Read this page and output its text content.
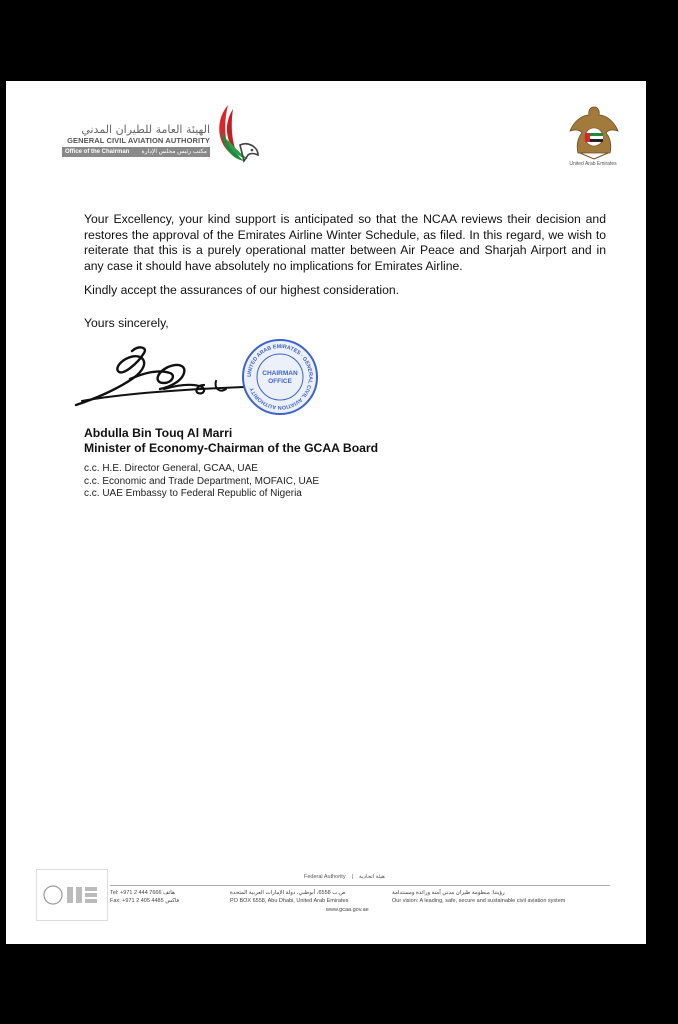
الهيئة العامة للطيران المدني
GENERAL CIVIL AVIATION AUTHORITY
Office of the Chairman مكتب رئيس مجلس الإدارة
United Arab Emirates

Your Excellency, your kind support is anticipated so that the NCAA reviews their decision and restores the approval of the Emirates Airline Winter Schedule, as filed. In this regard, we wish to reiterate that this is a purely operational matter between Air Peace and Sharjah Airport and in any case it should have absolutely no implications for Emirates Airline.

Kindly accept the assurances of our highest consideration.

Yours sincerely,

UNITED ARAB EMIRATES · GENERAL CIVIL AVIATION AUTHORITY
CHAIRMAN
OFFICE

Abdulla Bin Touq Al Marri

Minister of Economy-Chairman of the GCAA Board

c.c. H.E. Director General, GCAA, UAE
c.c. Economic and Trade Department, MOFAIC, UAE
c.c. UAE Embassy to Federal Republic of Nigeria
Federal Authority | هيئة اتحادية
Tel: +971 2 444 7666 هاتف	ص.ب 6558، أبوظبي، دولة الإمارات العربية المتحدة	رؤيتنا: منظومة طيران مدني آمنة ورائدة ومستدامة
Fax: +971 2 405 4485 فاكس	PO BOX 6558, Abu Dhabi, United Arab Emirates	Our vision: A leading, safe, secure and sustainable civil aviation system
www.gcaa.gov.ae
